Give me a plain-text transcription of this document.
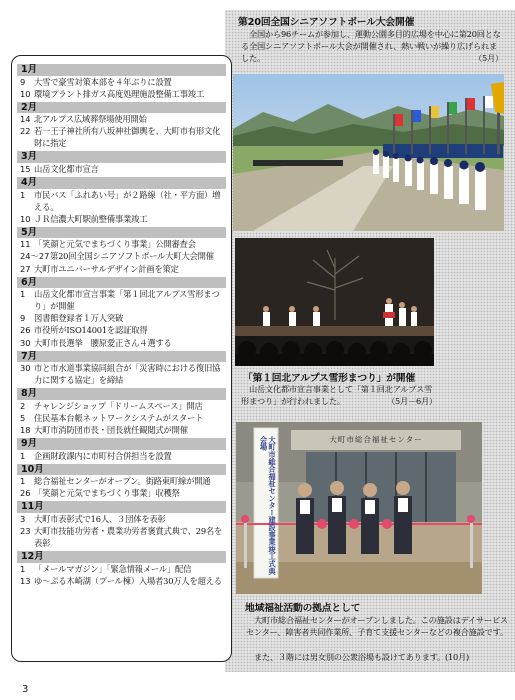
1月
9	大雪で豪雪対策本部を４年ぶりに設置
10 環境プラント排ガス高度処理施設整備工事竣工
2月
14 北アルプス広域葬祭場使用開始
22 若一王子神社所有八坂神社御輿を、大町市有形文化財に指定
3月
15 山岳文化都市宣言
4月
1	市民バス「ふれあい号」が２路線（社・平方面）増える。
10 ＪＲ信濃大町駅前整備事業竣工
5月
11 「笑顔と元気でまちづくり事業」公開審査会
24〜27 第20回全国シニアソフトボール大町大会開催
27 大町市ユニバーサルデザイン計画を策定
6月
1	山岳文化都市宣言事業「第１回北アルプス雪形まつり」が開催
9	図書館登録者１万人突破
26 市役所がISO14001を認証取得
30 大町市長選挙　腰原愛正さん４選する
7月
30 市と市水道事業協同組合が「災害時における復旧協力に関する協定」を締結
8月
2	チャレンジショップ「ドリームスペース」開店
5	住民基本台帳ネットワークシステムがスタート
18 大町市消防団市長・団長就任観閲式が開催
9月
1	企画財政課内に市町村合併担当を設置
10月
1	総合福祉センターがオープン。街路東町線が開通
26 「笑顔と元気でまちづくり事業」収穫祭
11月
3	大町市表彰式で16人、３団体を表彰
23 大町市技能功労者・農業功労者褒賞式典で、29名を表彰
12月
1	「メールマガジン」「緊急情報メール」配信
13 ゆ〜ぷる木崎湖（プール棟）入場者30万人を超える
第20回全国シニアソフトボール大会開催
全国から96チームが参加し、運動公園多目的広場を中心に第20回となる全国シニアソフトボール大会が開催され、熱い戦いが繰り広げられました。	（5月）
「第１回北アルプス雪形まつり」が開催
山岳文化都市宣言事業として「第１回北アルプス雪形まつり」が行われました。	（5月－6月）
大町市総合福祉センター
大町市総合福祉センター建設事業竣工式典会場
地域福祉活動の拠点として
大町市総合福祉センターがオープンしました。この施設はデイサービスセンター、障害者共同作業所、子育て支援センターなどの複合施設です。
また、３階には男女別の公衆浴場も設けてあります。(10月)
3
